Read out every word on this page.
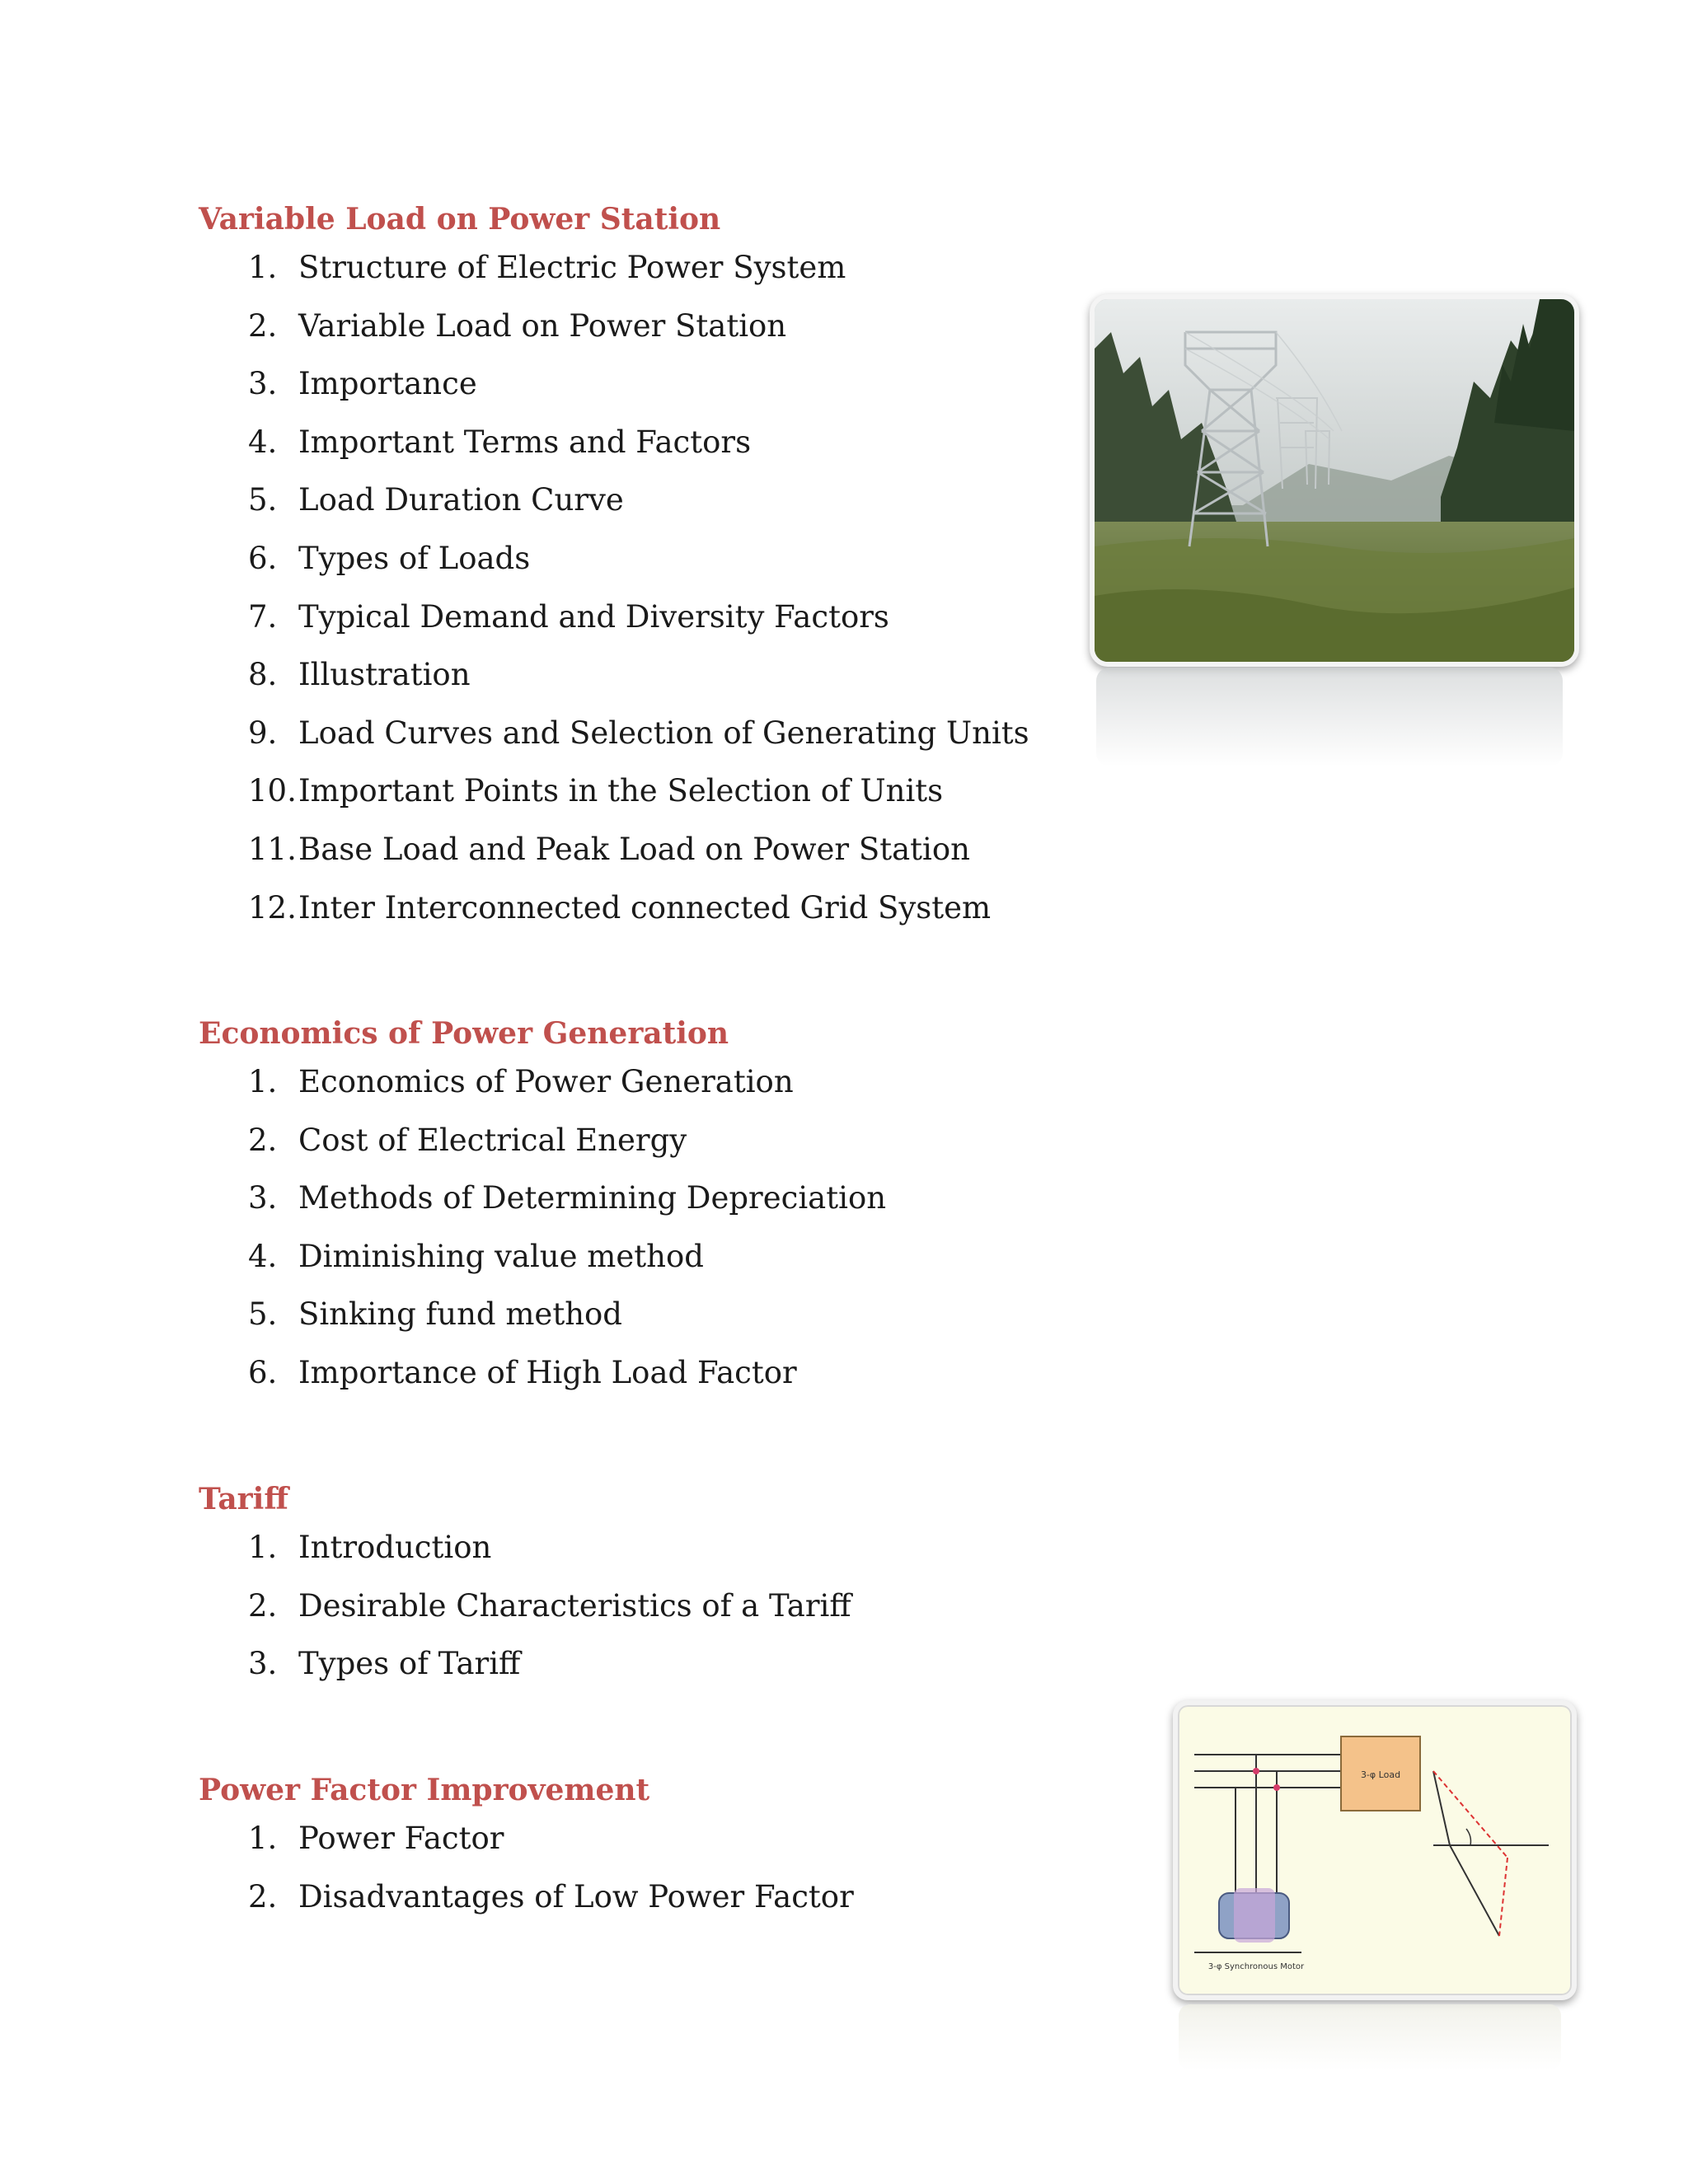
Variable Load on Power Station
1. Structure of Electric Power System
2. Variable Load on Power Station
3. Importance
4. Important Terms and Factors
5. Load Duration Curve
6. Types of Loads
7. Typical Demand and Diversity Factors
8. Illustration
9. Load Curves and Selection of Generating Units
10. Important Points in the Selection of Units
11. Base Load and Peak Load on Power Station
12. Inter Interconnected connected Grid System
Economics of Power Generation
1. Economics of Power Generation
2. Cost of Electrical Energy
3. Methods of Determining Depreciation
4. Diminishing value method
5. Sinking fund method
6. Importance of High Load Factor
Tariff
1. Introduction
2. Desirable Characteristics of a Tariff
3. Types of Tariff
Power Factor Improvement
1. Power Factor
2. Disadvantages of Low Power Factor
3-φ Load
3-φ Synchronous Motor
